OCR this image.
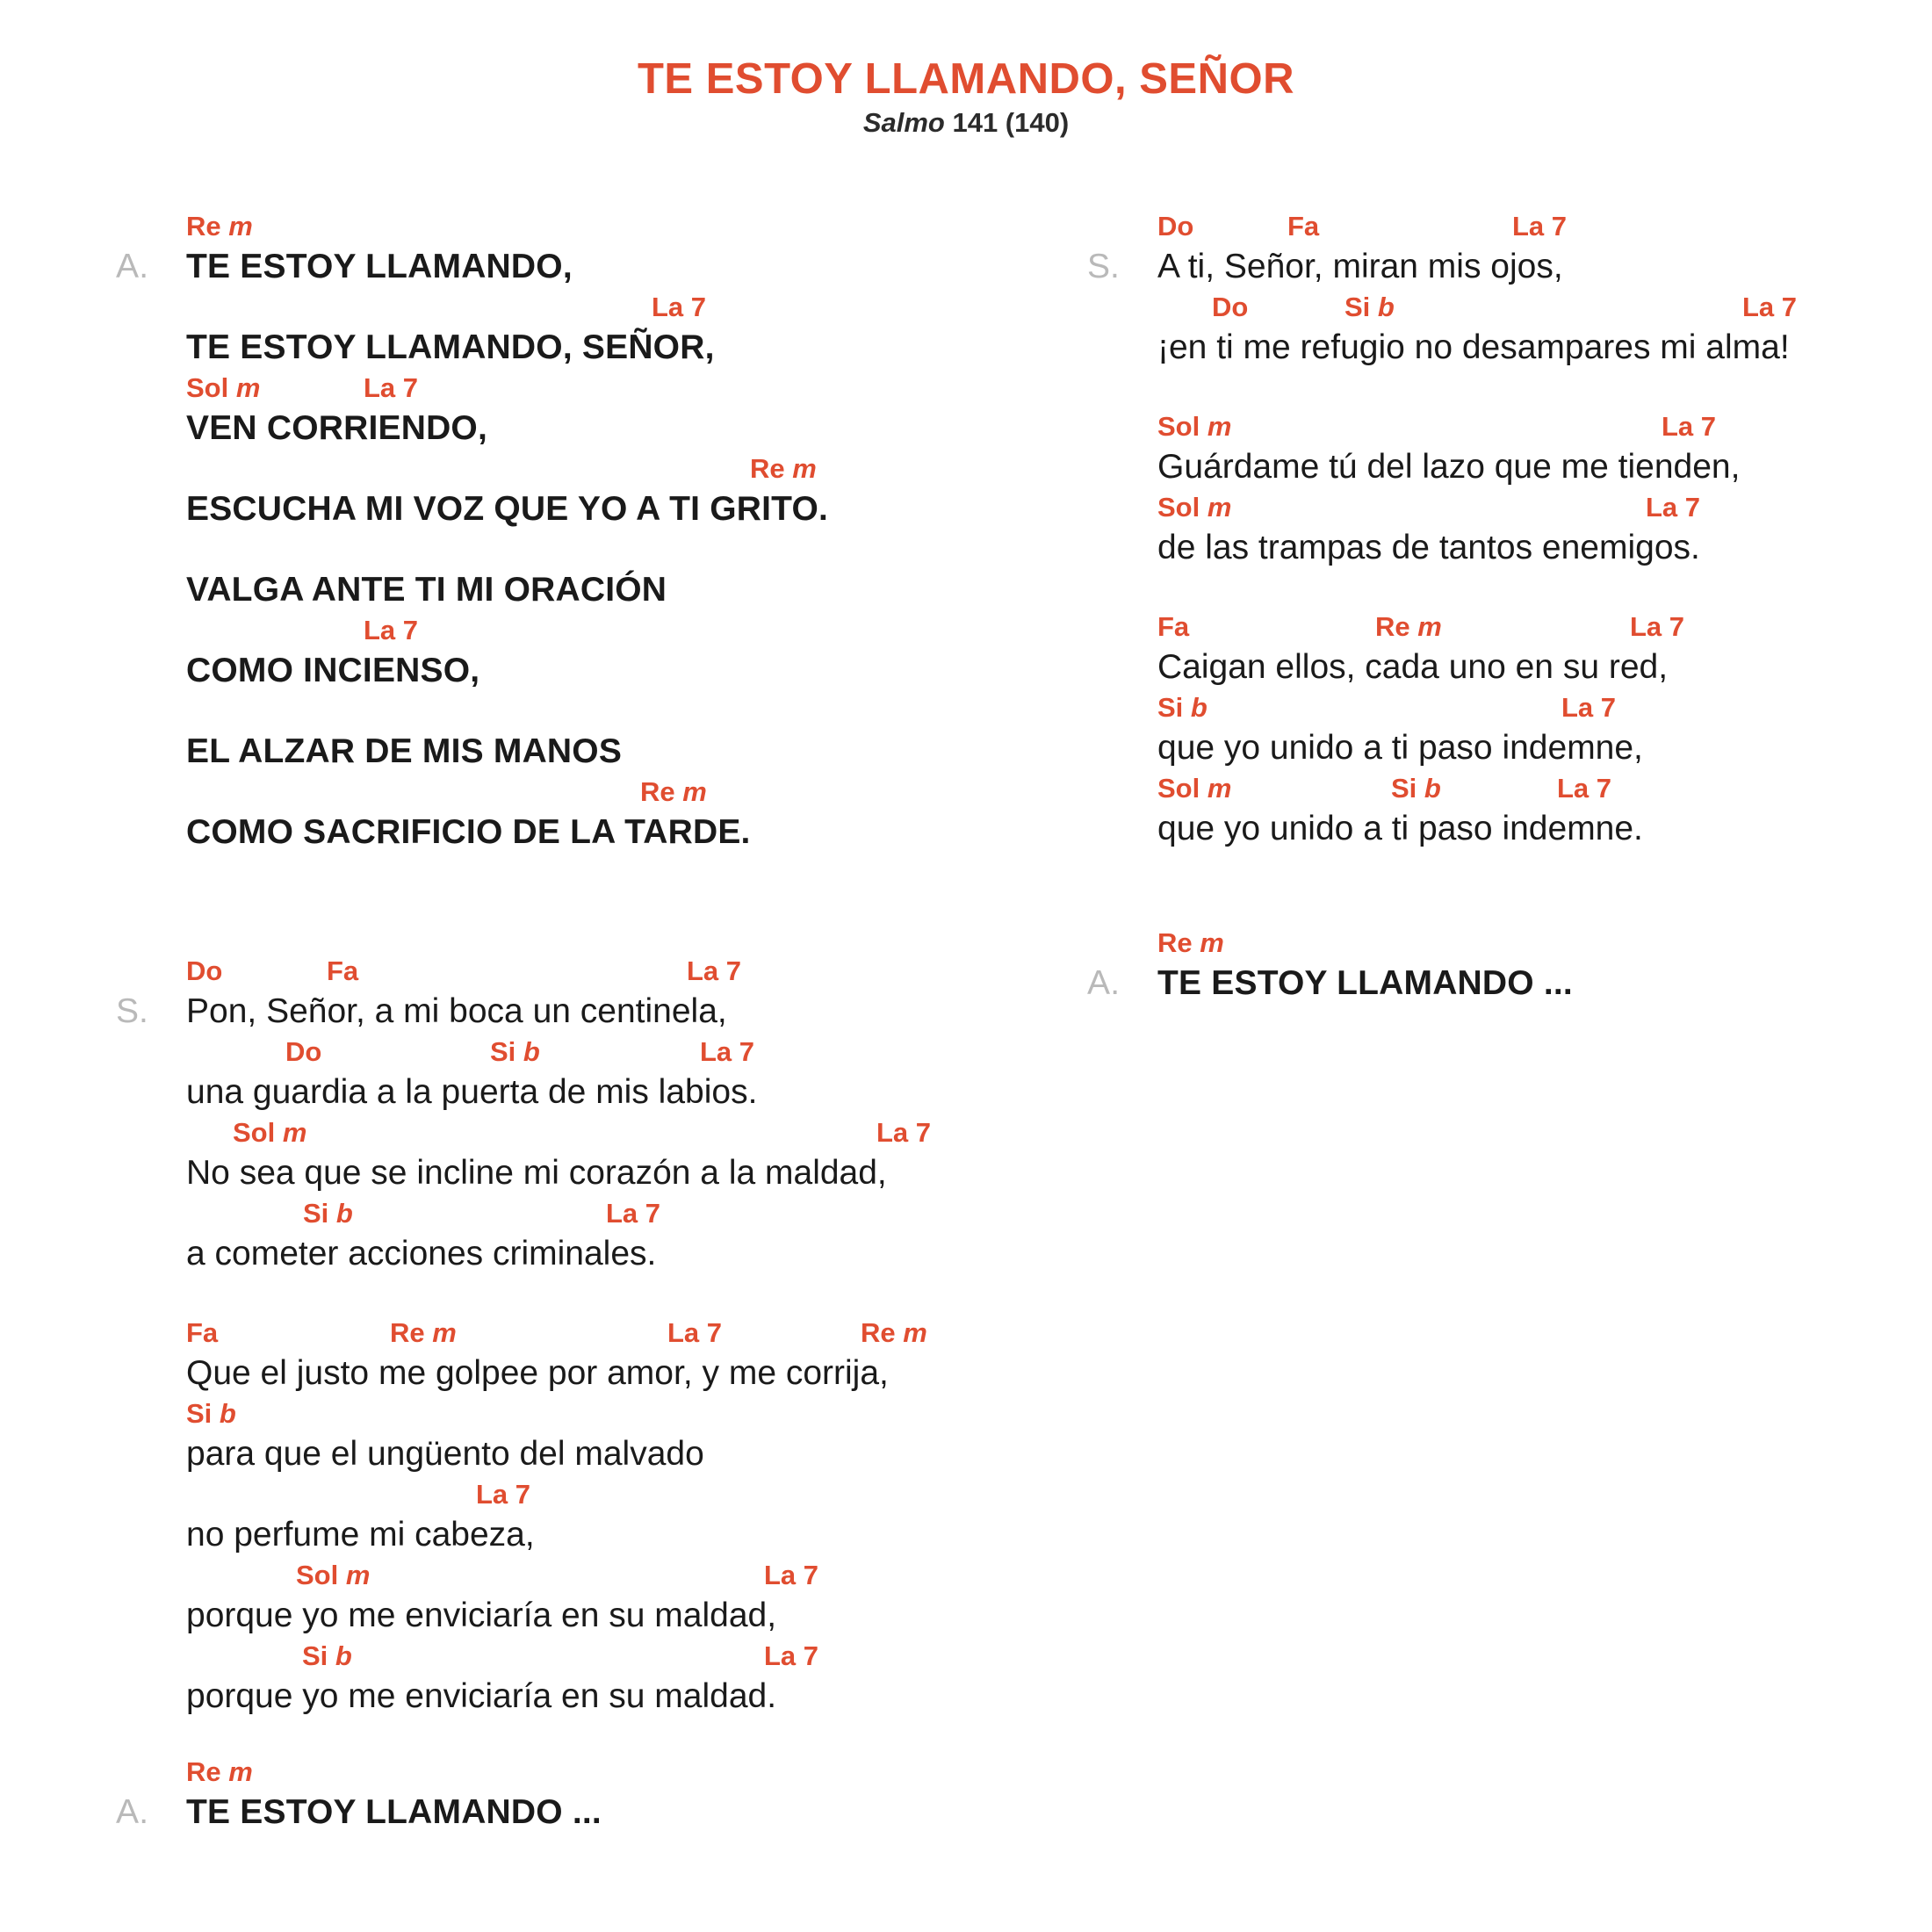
TE ESTOY LLAMANDO, SEÑOR
Salmo 141 (140)
Re m
A. TE ESTOY LLAMANDO,
La 7
TE ESTOY LLAMANDO, SEÑOR,
Sol m	La 7
VEN CORRIENDO,
Re m
ESCUCHA MI VOZ QUE YO A TI GRITO.
VALGA ANTE TI MI ORACIÓN
La 7
COMO INCIENSO,
EL ALZAR DE MIS MANOS
Re m
COMO SACRIFICIO DE LA TARDE.
Do	Fa	La 7
S. Pon, Señor, a mi boca un centinela,
Do	Si b	La 7
una guardia a la puerta de mis labios.
Sol m	La 7
No sea que se incline mi corazón a la maldad,
Si b	La 7
a cometer acciones criminales.
Fa	Re m	La 7	Re m
Que el justo me golpee por amor, y me corrija,
Si b
para que el ungüento del malvado
La 7
no perfume mi cabeza,
Sol m	La 7
porque yo me enviciaría en su maldad,
Si b	La 7
porque yo me enviciaría en su maldad.
Re m
A. TE ESTOY LLAMANDO ...
Do	Fa	La 7
S. A ti, Señor, miran mis ojos,
Do	Si b	La 7
¡en ti me refugio no desampares mi alma!
Sol m	La 7
Guárdame tú del lazo que me tienden,
Sol m	La 7
de las trampas de tantos enemigos.
Fa	Re m	La 7
Caigan ellos, cada uno en su red,
Si b	La 7
que yo unido a ti paso indemne,
Sol m	Si b	La 7
que yo unido a ti paso indemne.
Re m
A. TE ESTOY LLAMANDO ...
